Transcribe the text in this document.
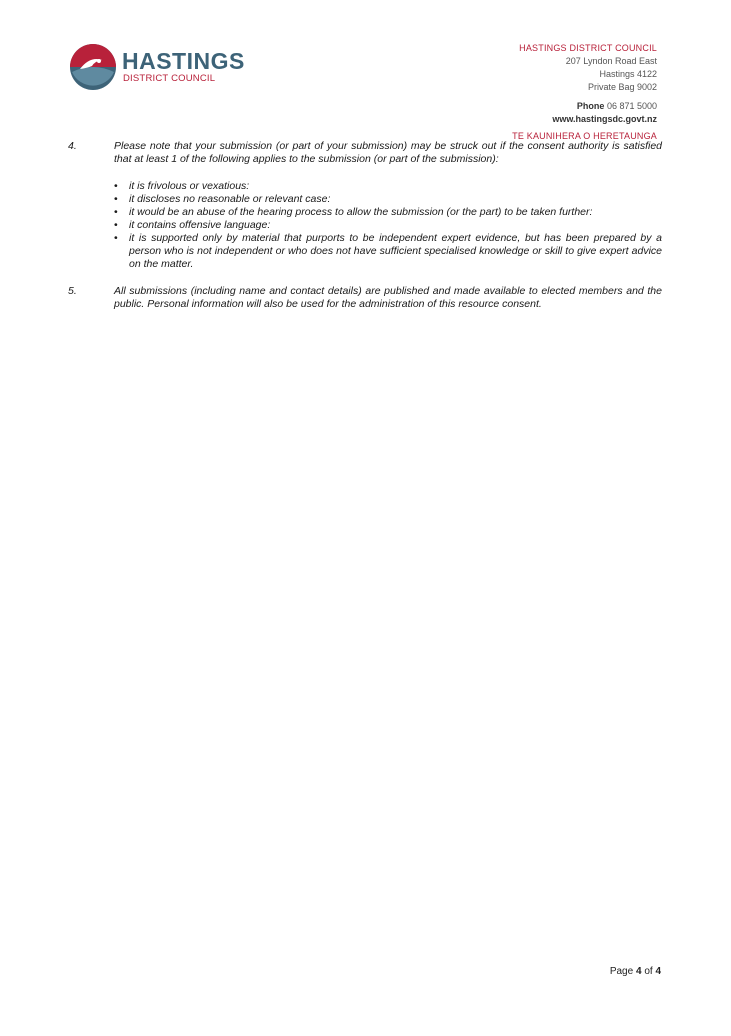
HASTINGS
DISTRICT COUNCIL
HASTINGS DISTRICT COUNCIL
207 Lyndon Road East
Hastings 4122
Private Bag 9002
Phone 06 871 5000
www.hastingsdc.govt.nz
TE KAUNIHERA O HERETAUNGA
4.	Please note that your submission (or part of your submission) may be struck out if the consent authority is satisfied that at least 1 of the following applies to the submission (or part of the submission):

• it is frivolous or vexatious:
• it discloses no reasonable or relevant case:
• it would be an abuse of the hearing process to allow the submission (or the part) to be taken further:
• it contains offensive language:
• it is supported only by material that purports to be independent expert evidence, but has been prepared by a person who is not independent or who does not have sufficient specialised knowledge or skill to give expert advice on the matter.
5.	All submissions (including name and contact details) are published and made available to elected members and the public. Personal information will also be used for the administration of this resource consent.

Page 4 of 4
